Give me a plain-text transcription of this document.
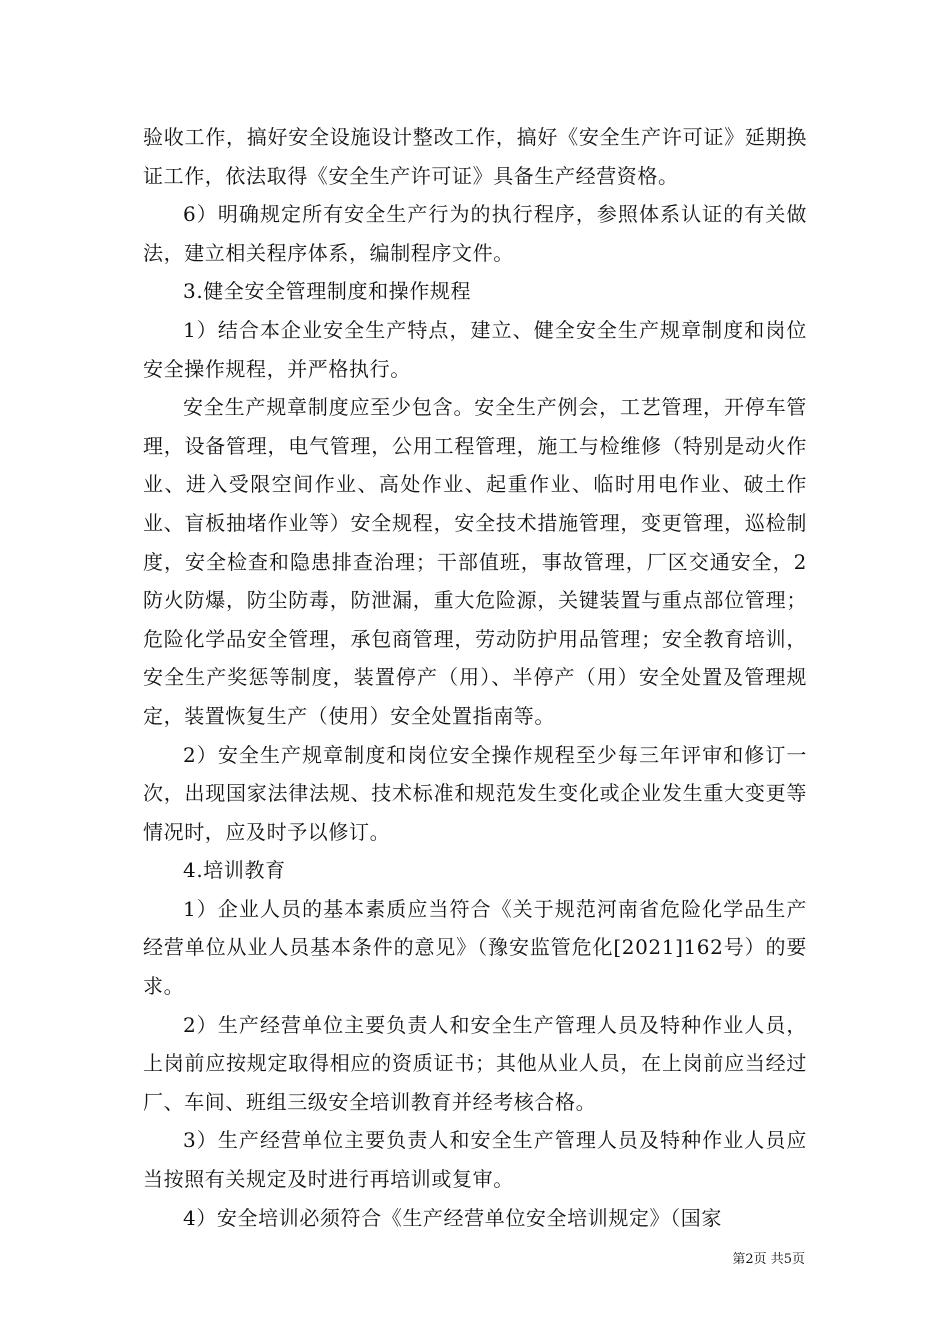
验收工作，搞好安全设施设计整改工作，搞好《安全生产许可证》延期换证工作，依法取得《安全生产许可证》具备生产经营资格。

6）明确规定所有安全生产行为的执行程序，参照体系认证的有关做法，建立相关程序体系，编制程序文件。

3.健全安全管理制度和操作规程

1）结合本企业安全生产特点，建立、健全安全生产规章制度和岗位安全操作规程，并严格执行。

安全生产规章制度应至少包含。安全生产例会，工艺管理，开停车管理，设备管理，电气管理，公用工程管理，施工与检维修（特别是动火作业、进入受限空间作业、高处作业、起重作业、临时用电作业、破土作业、盲板抽堵作业等）安全规程，安全技术措施管理，变更管理，巡检制度，安全检查和隐患排查治理；干部值班，事故管理，厂区交通安全，2防火防爆，防尘防毒，防泄漏，重大危险源，关键装置与重点部位管理；危险化学品安全管理，承包商管理，劳动防护用品管理；安全教育培训，安全生产奖惩等制度，装置停产（用）、半停产（用）安全处置及管理规定，装置恢复生产（使用）安全处置指南等。

2）安全生产规章制度和岗位安全操作规程至少每三年评审和修订一次，出现国家法律法规、技术标准和规范发生变化或企业发生重大变更等情况时，应及时予以修订。

4.培训教育

1）企业人员的基本素质应当符合《关于规范河南省危险化学品生产经营单位从业人员基本条件的意见》（豫安监管危化[2021]162号）的要求。

2）生产经营单位主要负责人和安全生产管理人员及特种作业人员，上岗前应按规定取得相应的资质证书；其他从业人员，在上岗前应当经过厂、车间、班组三级安全培训教育并经考核合格。

3）生产经营单位主要负责人和安全生产管理人员及特种作业人员应当按照有关规定及时进行再培训或复审。

4）安全培训必须符合《生产经营单位安全培训规定》（国家

第2页 共5页
